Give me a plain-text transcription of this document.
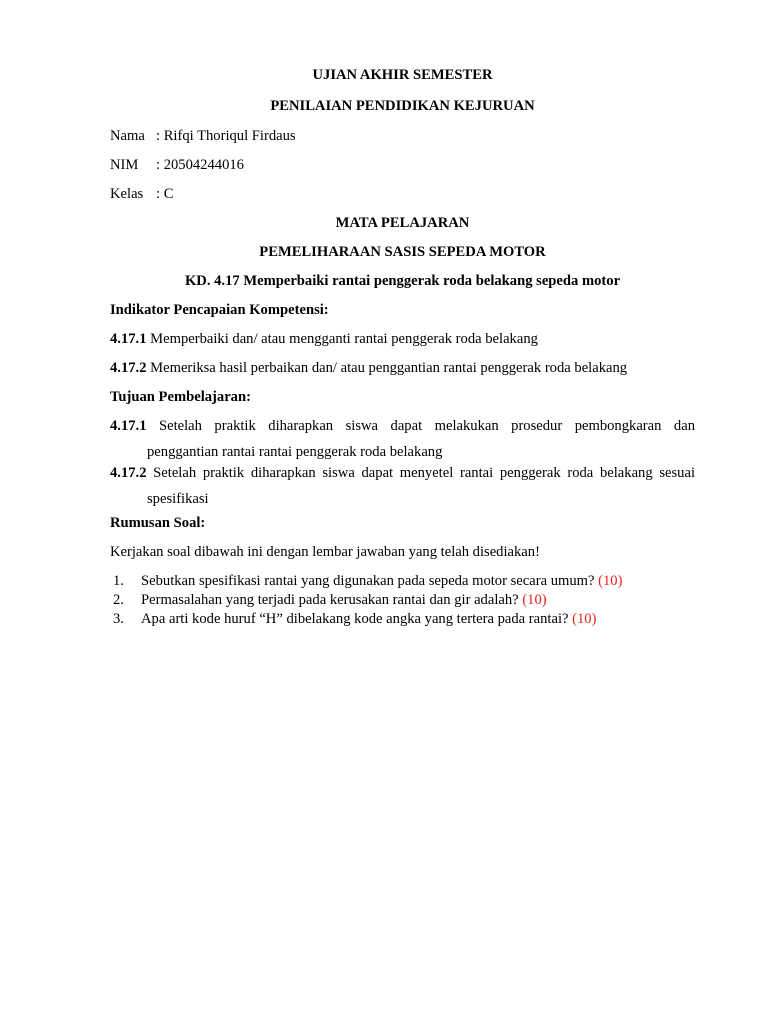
UJIAN AKHIR SEMESTER
PENILAIAN PENDIDIKAN KEJURUAN
Nama : Rifqi Thoriqul Firdaus
NIM : 20504244016
Kelas : C
MATA PELAJARAN
PEMELIHARAAN SASIS SEPEDA MOTOR
KD. 4.17 Memperbaiki rantai penggerak roda belakang sepeda motor
Indikator Pencapaian Kompetensi:
4.17.1 Memperbaiki dan/ atau mengganti rantai penggerak roda belakang
4.17.2 Memeriksa hasil perbaikan dan/ atau penggantian rantai penggerak roda belakang
Tujuan Pembelajaran:
4.17.1 Setelah praktik diharapkan siswa dapat melakukan prosedur pembongkaran dan
penggantian rantai rantai penggerak roda belakang
4.17.2 Setelah praktik diharapkan siswa dapat menyetel rantai penggerak roda belakang sesuai
spesifikasi
Rumusan Soal:
Kerjakan soal dibawah ini dengan lembar jawaban yang telah disediakan!
1. Sebutkan spesifikasi rantai yang digunakan pada sepeda motor secara umum? (10)
2. Permasalahan yang terjadi pada kerusakan rantai dan gir adalah? (10)
3. Apa arti kode huruf “H” dibelakang kode angka yang tertera pada rantai? (10)
